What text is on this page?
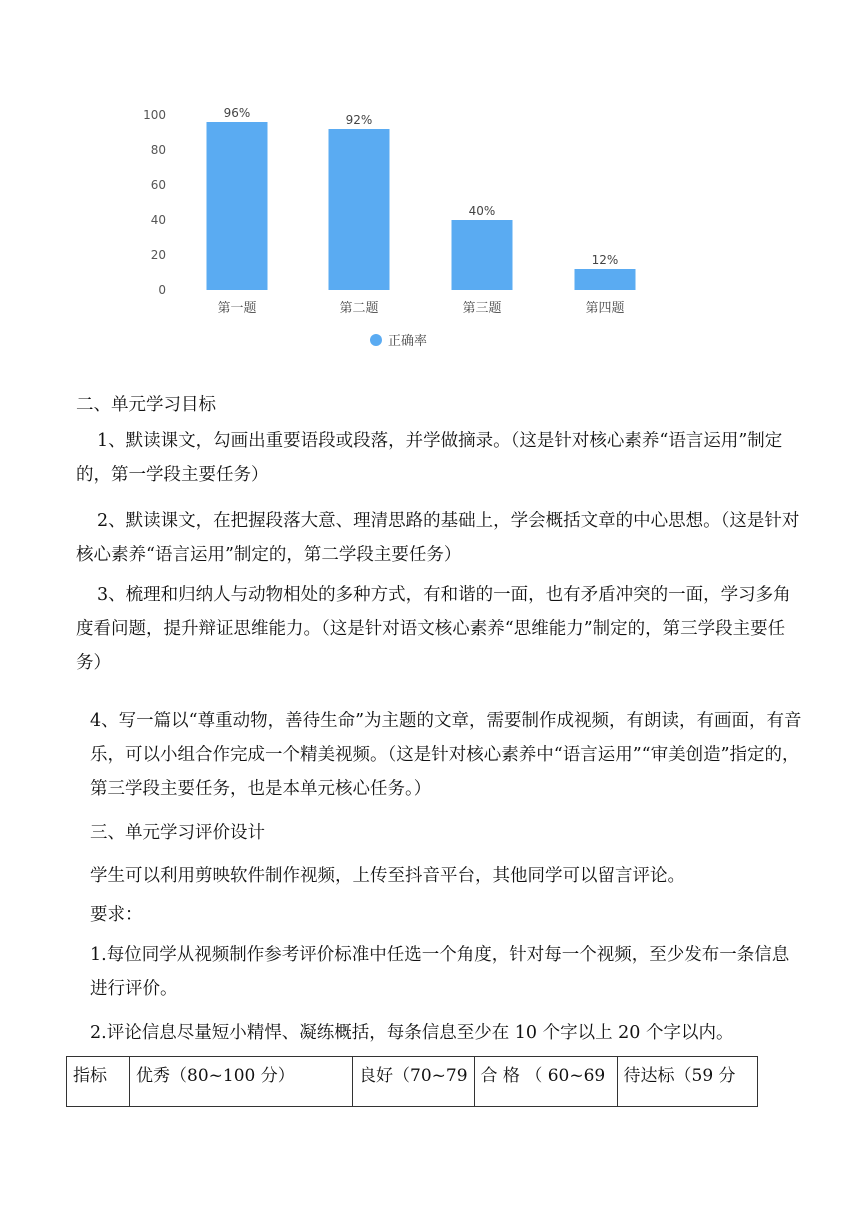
0
20
40
60
80
100	96%
第一题
92%
第二题
40%
第三题
12%
第四题
正确率

二、单元学习目标

1、默读课文，勾画出重要语段或段落，并学做摘录。（这是针对核心素养“语言运用”制定的，第一学段主要任务）

2、默读课文，在把握段落大意、理清思路的基础上，学会概括文章的中心思想。（这是针对核心素养“语言运用”制定的，第二学段主要任务）

3、梳理和归纳人与动物相处的多种方式，有和谐的一面，也有矛盾冲突的一面，学习多角度看问题，提升辩证思维能力。（这是针对语文核心素养“思维能力”制定的，第三学段主要任务）

4、写一篇以“尊重动物，善待生命”为主题的文章，需要制作成视频，有朗读，有画面，有音乐，可以小组合作完成一个精美视频。（这是针对核心素养中“语言运用”“审美创造”指定的，第三学段主要任务，也是本单元核心任务。）

三、单元学习评价设计

学生可以利用剪映软件制作视频，上传至抖音平台，其他同学可以留言评论。

要求：

1.每位同学从视频制作参考评价标准中任选一个角度，针对每一个视频，至少发布一条信息进行评价。

2.评论信息尽量短小精悍、凝练概括，每条信息至少在 10 个字以上 20 个字以内。

指标	优秀（80~100 分）	良好（70~79	合 格 （ 60~69	待达标（59 分
